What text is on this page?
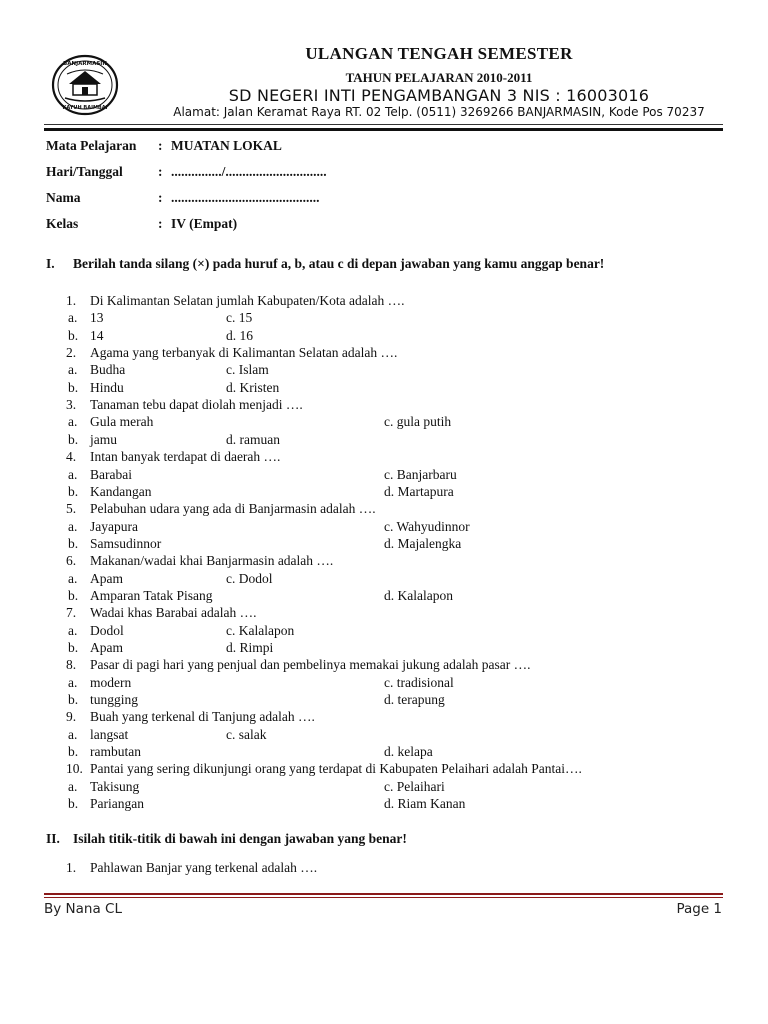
BANJARMASIN
KAYUH BAIMBAI
ULANGAN TENGAH SEMESTER
TAHUN PELAJARAN 2010-2011
SD NEGERI INTI PENGAMBANGAN 3 NIS : 16003016
Alamat: Jalan Keramat Raya RT. 02 Telp. (0511) 3269266 BANJARMASIN, Kode Pos 70237
Mata Pelajaran : MUATAN LOKAL
Hari/Tanggal	: .............../..............................
Nama	: ............................................
Kelas	: IV (Empat)
I. Berilah tanda silang (×) pada huruf a, b, atau c di depan jawaban yang kamu anggap benar!
1. Di Kalimantan Selatan jumlah Kabupaten/Kota adalah ….
a. 13	c. 15
b. 14	d. 16
2. Agama yang terbanyak di Kalimantan Selatan adalah ….
a. Budha	c. Islam
b. Hindu	d. Kristen
3. Tanaman tebu dapat diolah menjadi ….
a. Gula merah	c. gula putih
b. jamu	d. ramuan
4. Intan banyak terdapat di daerah ….
a. Barabai	c. Banjarbaru
b. Kandangan	d. Martapura
5. Pelabuhan udara yang ada di Banjarmasin adalah ….
a. Jayapura	c. Wahyudinnor
b. Samsudinnor	d. Majalengka
6. Makanan/wadai khai Banjarmasin adalah ….
a. Apam	c. Dodol
b. Amparan Tatak Pisang	d. Kalalapon
7. Wadai khas Barabai adalah ….
a. Dodol	c. Kalalapon
b. Apam	d. Rimpi
8. Pasar di pagi hari yang penjual dan pembelinya memakai jukung adalah pasar ….
a. modern	c. tradisional
b. tungging	d. terapung
9. Buah yang terkenal di Tanjung adalah ….
a. langsat	c. salak
b. rambutan	d. kelapa
10. Pantai yang sering dikunjungi orang yang terdapat di Kabupaten Pelaihari adalah Pantai….
a. Takisung	c. Pelaihari
b. Pariangan	d. Riam Kanan
II. Isilah titik-titik di bawah ini dengan jawaban yang benar!
1. Pahlawan Banjar yang terkenal adalah ….
By Nana CL	Page 1
